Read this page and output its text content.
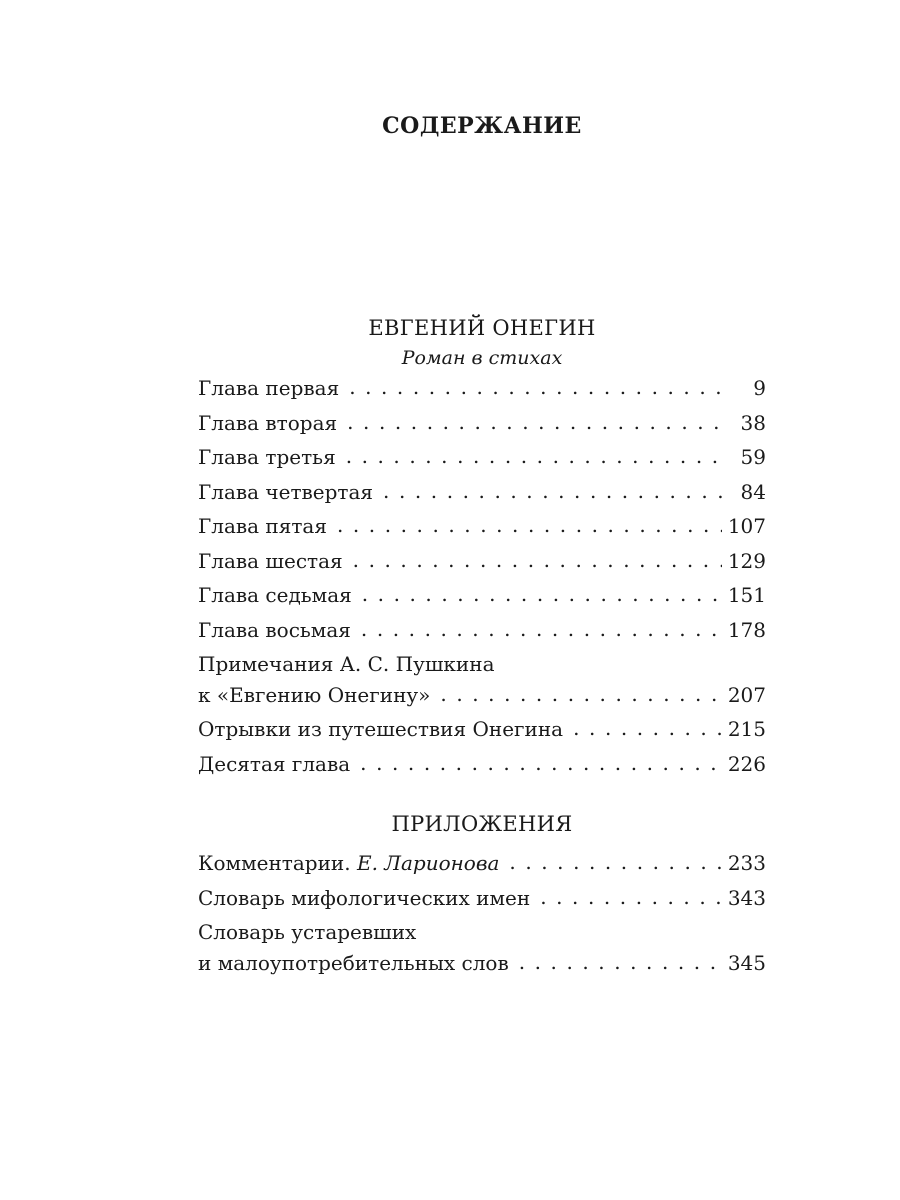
СОДЕРЖАНИЕ
ЕВГЕНИЙ ОНЕГИН
Роман в стихах
Глава первая . . .	9
Глава вторая . . .	38
Глава третья . . .	59
Глава четвертая . . .	84
Глава пятая . . .	107
Глава шестая . . .	129
Глава седьмая . . .	151
Глава восьмая . . .	178
Примечания А. С. Пушкина
к «Евгению Онегину» . . .	207
Отрывки из путешествия Онегина . . .	215
Десятая глава . . .	226
ПРИЛОЖЕНИЯ
Комментарии. Е. Ларионова . . .	233
Словарь мифологических имен . . .	343
Словарь устаревших
и малоупотребительных слов . . .	345
